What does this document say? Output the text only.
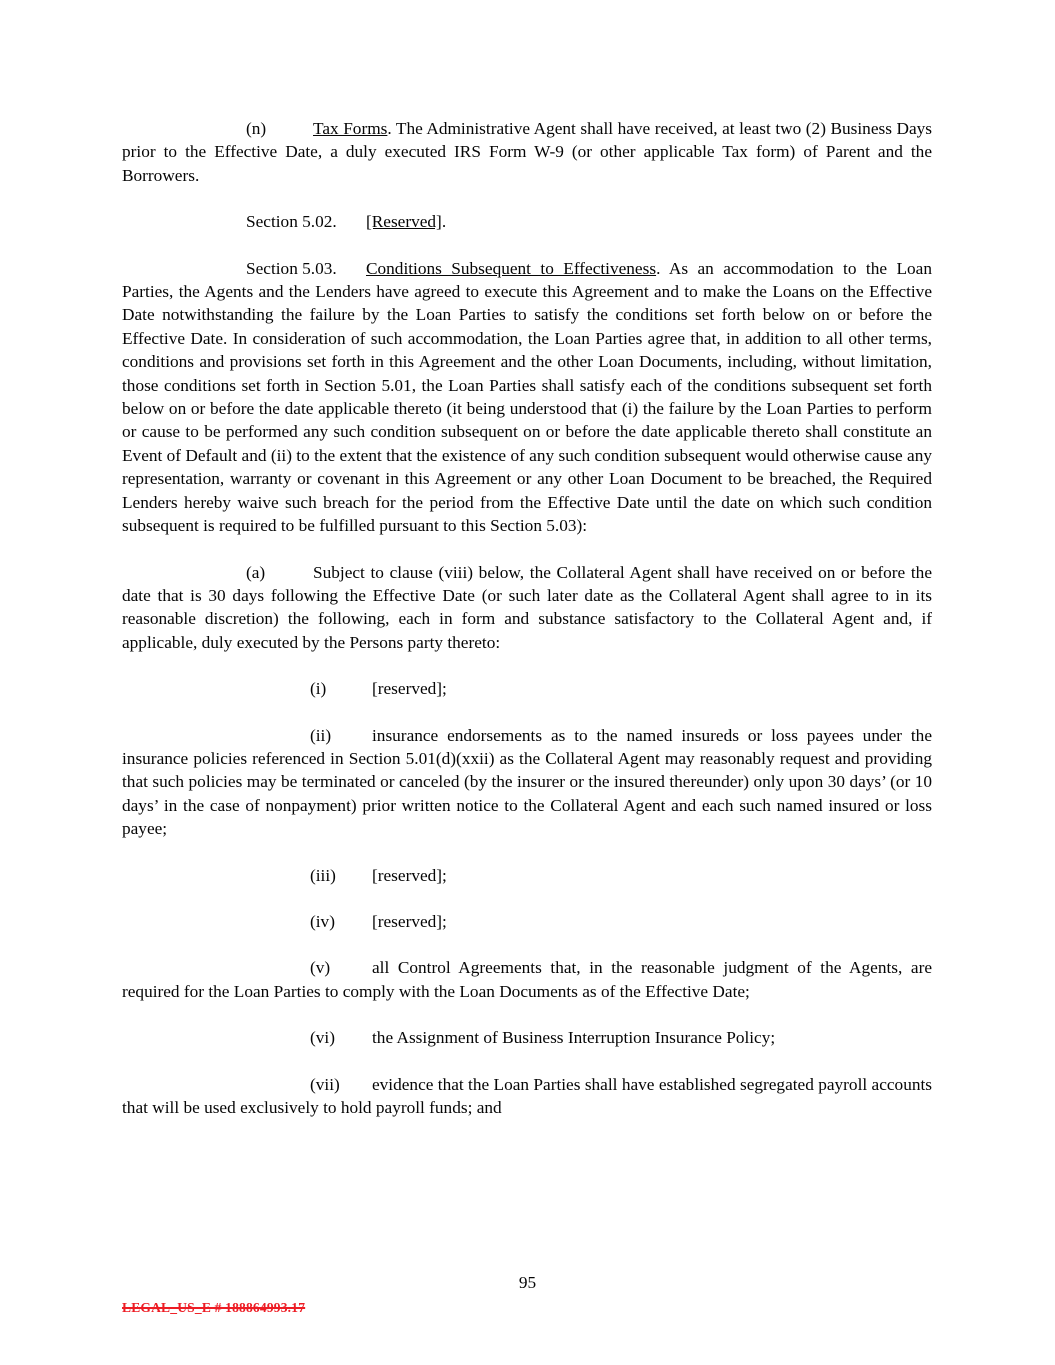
(n)	Tax Forms. The Administrative Agent shall have received, at least two (2) Business Days prior to the Effective Date, a duly executed IRS Form W-9 (or other applicable Tax form) of Parent and the Borrowers.

Section 5.02. [Reserved].

Section 5.03. Conditions Subsequent to Effectiveness. As an accommodation to the Loan Parties, the Agents and the Lenders have agreed to execute this Agreement and to make the Loans on the Effective Date notwithstanding the failure by the Loan Parties to satisfy the conditions set forth below on or before the Effective Date. In consideration of such accommodation, the Loan Parties agree that, in addition to all other terms, conditions and provisions set forth in this Agreement and the other Loan Documents, including, without limitation, those conditions set forth in Section 5.01, the Loan Parties shall satisfy each of the conditions subsequent set forth below on or before the date applicable thereto (it being understood that (i) the failure by the Loan Parties to perform or cause to be performed any such condition subsequent on or before the date applicable thereto shall constitute an Event of Default and (ii) to the extent that the existence of any such condition subsequent would otherwise cause any representation, warranty or covenant in this Agreement or any other Loan Document to be breached, the Required Lenders hereby waive such breach for the period from the Effective Date until the date on which such condition subsequent is required to be fulfilled pursuant to this Section 5.03):

(a)	Subject to clause (viii) below, the Collateral Agent shall have received on or before the date that is 30 days following the Effective Date (or such later date as the Collateral Agent shall agree to in its reasonable discretion) the following, each in form and substance satisfactory to the Collateral Agent and, if applicable, duly executed by the Persons party thereto:

(i)	[reserved];

(ii) insurance endorsements as to the named insureds or loss payees under the insurance policies referenced in Section 5.01(d)(xxii) as the Collateral Agent may reasonably request and providing that such policies may be terminated or canceled (by the insurer or the insured thereunder) only upon 30 days’ (or 10 days’ in the case of nonpayment) prior written notice to the Collateral Agent and each such named insured or loss payee;

(iii) [reserved];

(iv) [reserved];

(v) all Control Agreements that, in the reasonable judgment of the Agents, are required for the Loan Parties to comply with the Loan Documents as of the Effective Date;

(vi) the Assignment of Business Interruption Insurance Policy;

(vii) evidence that the Loan Parties shall have established segregated payroll accounts that will be used exclusively to hold payroll funds; and

95
LEGAL_US_E # 188864993.17
